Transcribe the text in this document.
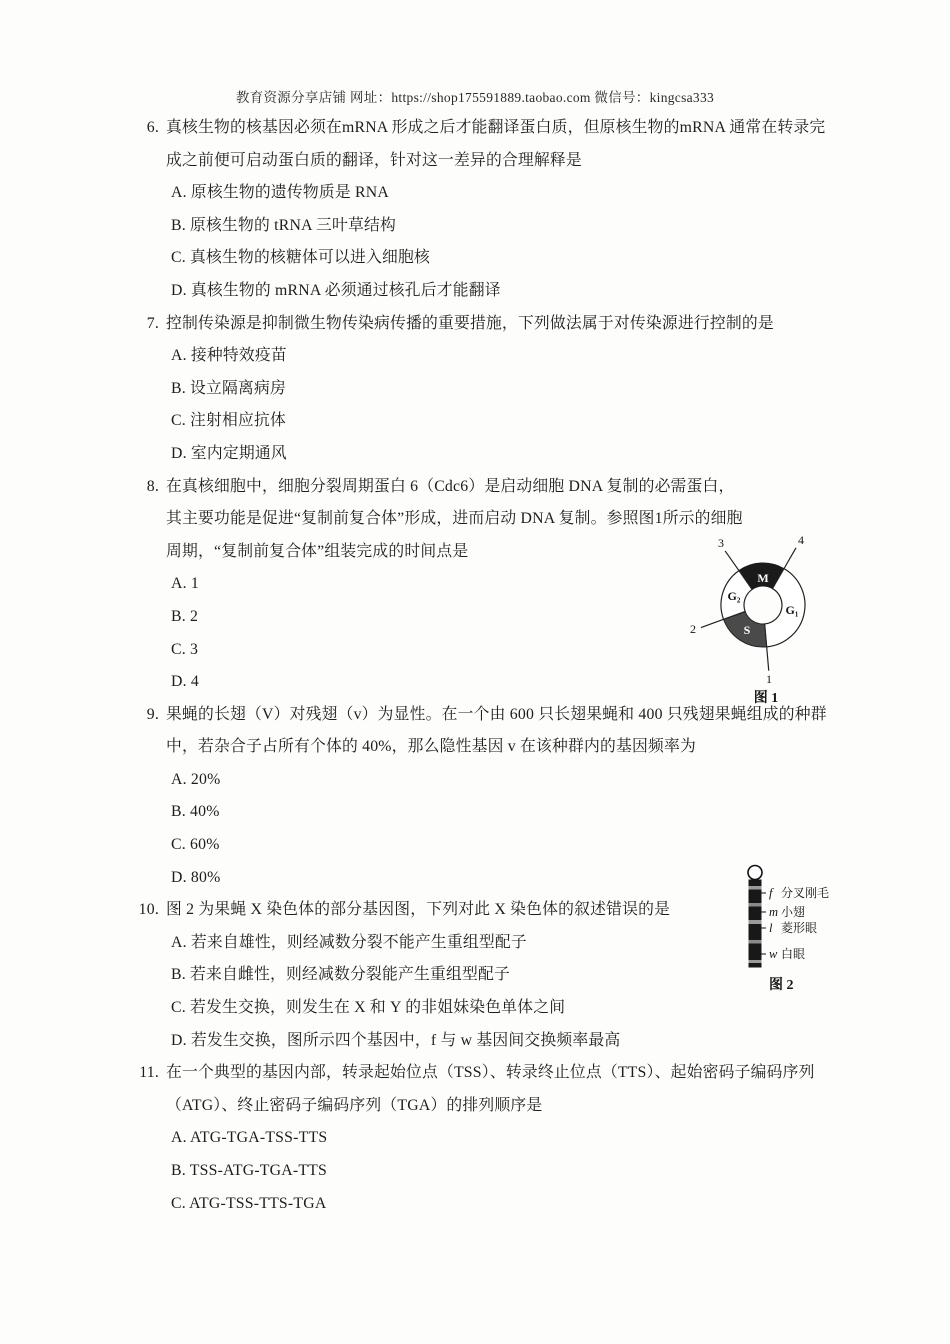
教育资源分享店铺 网址：https://shop175591889.taobao.com 微信号：kingcsa333
6. 真核生物的核基因必须在mRNA 形成之后才能翻译蛋白质，但原核生物的mRNA 通常在转录完成之前便可启动蛋白质的翻译，针对这一差异的合理解释是
A. 原核生物的遗传物质是 RNA
B. 原核生物的 tRNA 三叶草结构
C. 真核生物的核糖体可以进入细胞核
D. 真核生物的 mRNA 必须通过核孔后才能翻译
7. 控制传染源是抑制微生物传染病传播的重要措施，下列做法属于对传染源进行控制的是
A. 接种特效疫苗
B. 设立隔离病房
C. 注射相应抗体
D. 室内定期通风
8. 在真核细胞中，细胞分裂周期蛋白 6（Cdc6）是启动细胞 DNA 复制的必需蛋白，其主要功能是促进“复制前复合体”形成，进而启动 DNA 复制。参照图1所示的细胞周期，“复制前复合体”组装完成的时间点是
A. 1
B. 2
C. 3
D. 4
9. 果蝇的长翅（V）对残翅（v）为显性。在一个由 600 只长翅果蝇和 400 只残翅果蝇组成的种群中，若杂合子占所有个体的 40%，那么隐性基因 v 在该种群内的基因频率为
A. 20%
B. 40%
C. 60%
D. 80%
10. 图 2 为果蝇 X 染色体的部分基因图，下列对此 X 染色体的叙述错误的是
A. 若来自雄性，则经减数分裂不能产生重组型配子
B. 若来自雌性，则经减数分裂能产生重组型配子
C. 若发生交换，则发生在 X 和 Y 的非姐妹染色单体之间
D. 若发生交换，图所示四个基因中，f 与 w 基因间交换频率最高
11. 在一个典型的基因内部，转录起始位点（TSS）、转录终止位点（TTS）、起始密码子编码序列（ATG）、终止密码子编码序列（TGA）的排列顺序是
A. ATG-TGA-TSS-TTS
B. TSS-ATG-TGA-TTS
C. ATG-TSS-TTS-TGA
3	4
1
2
M
G₁
S
G₂
图 1
f
m
l
w
分叉刚毛
小翅
菱形眼
白眼
图 2
